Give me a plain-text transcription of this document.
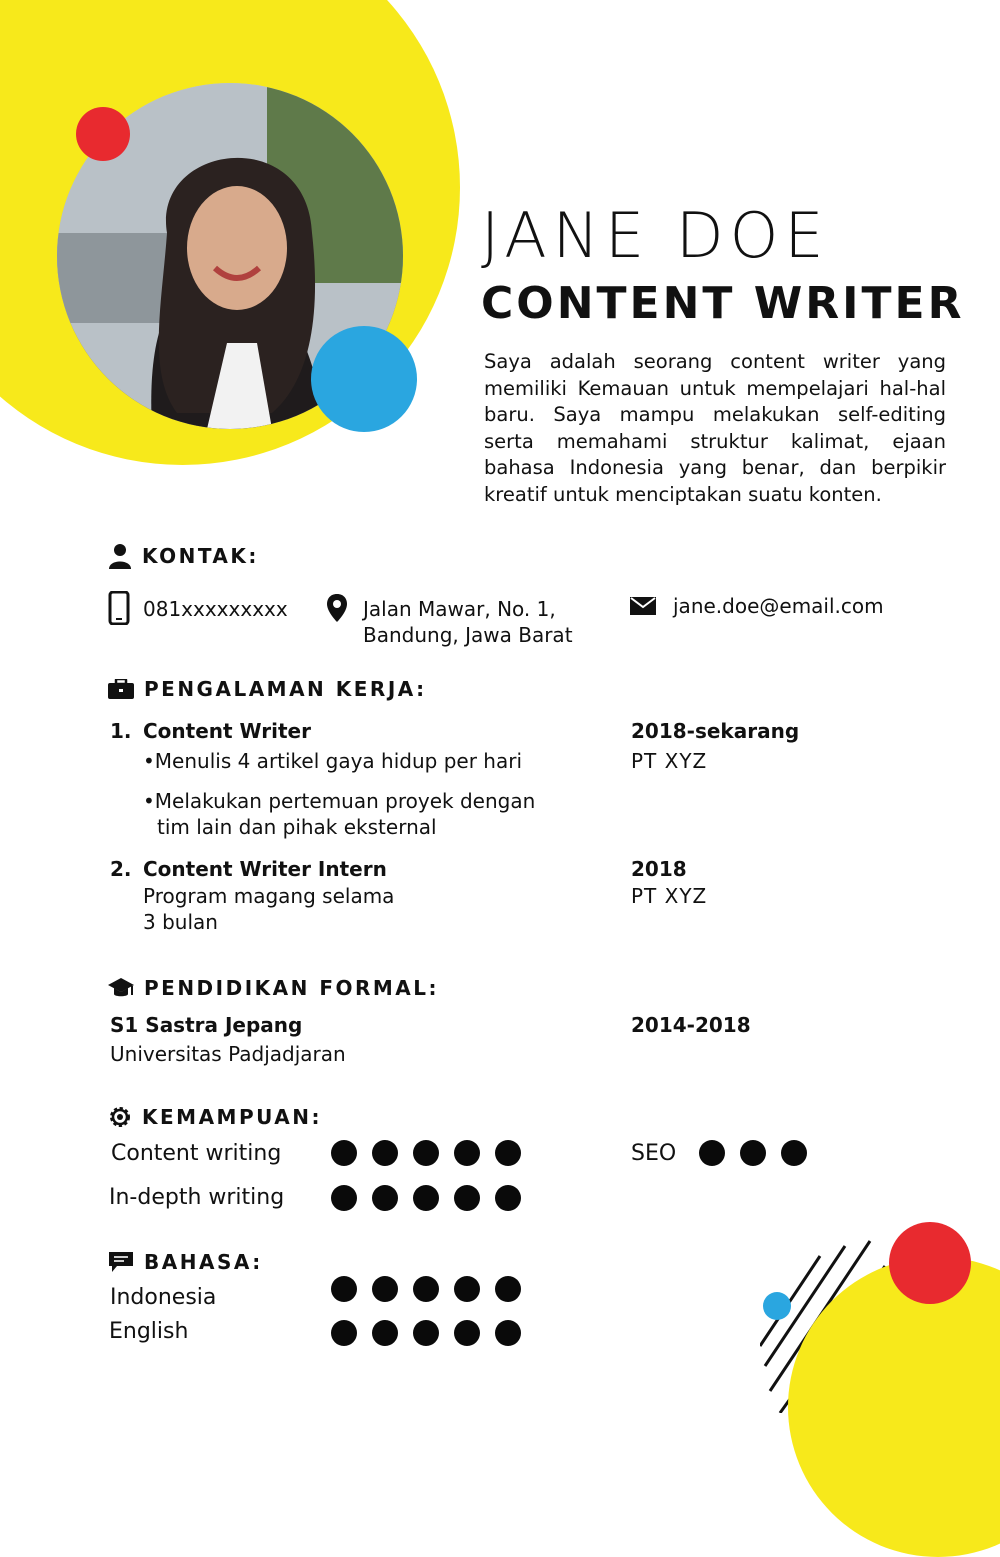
JANE DOE
CONTENT WRITER
Saya adalah seorang content writer yang memiliki Kemauan untuk mempelajari hal-hal baru. Saya mampu melakukan self-editing serta memahami struktur kalimat, ejaan bahasa Indonesia yang benar, dan berpikir kreatif untuk menciptakan suatu konten.
KONTAK:
081xxxxxxxxx	Jalan Mawar, No. 1,
Bandung, Jawa Barat
jane.doe@email.com
PENGALAMAN KERJA:
1. Content Writer
•Menulis 4 artikel gaya hidup per hari
•Melakukan pertemuan proyek dengan
tim lain dan pihak eksternal
2018-sekarang
PT XYZ
2. Content Writer Intern
Program magang selama
3 bulan
2018
PT XYZ
PENDIDIKAN FORMAL:
S1 Sastra Jepang
Universitas Padjadjaran
2014-2018
KEMAMPUAN:
Content writing
In-depth writing
SEO
BAHASA:
Indonesia
English
